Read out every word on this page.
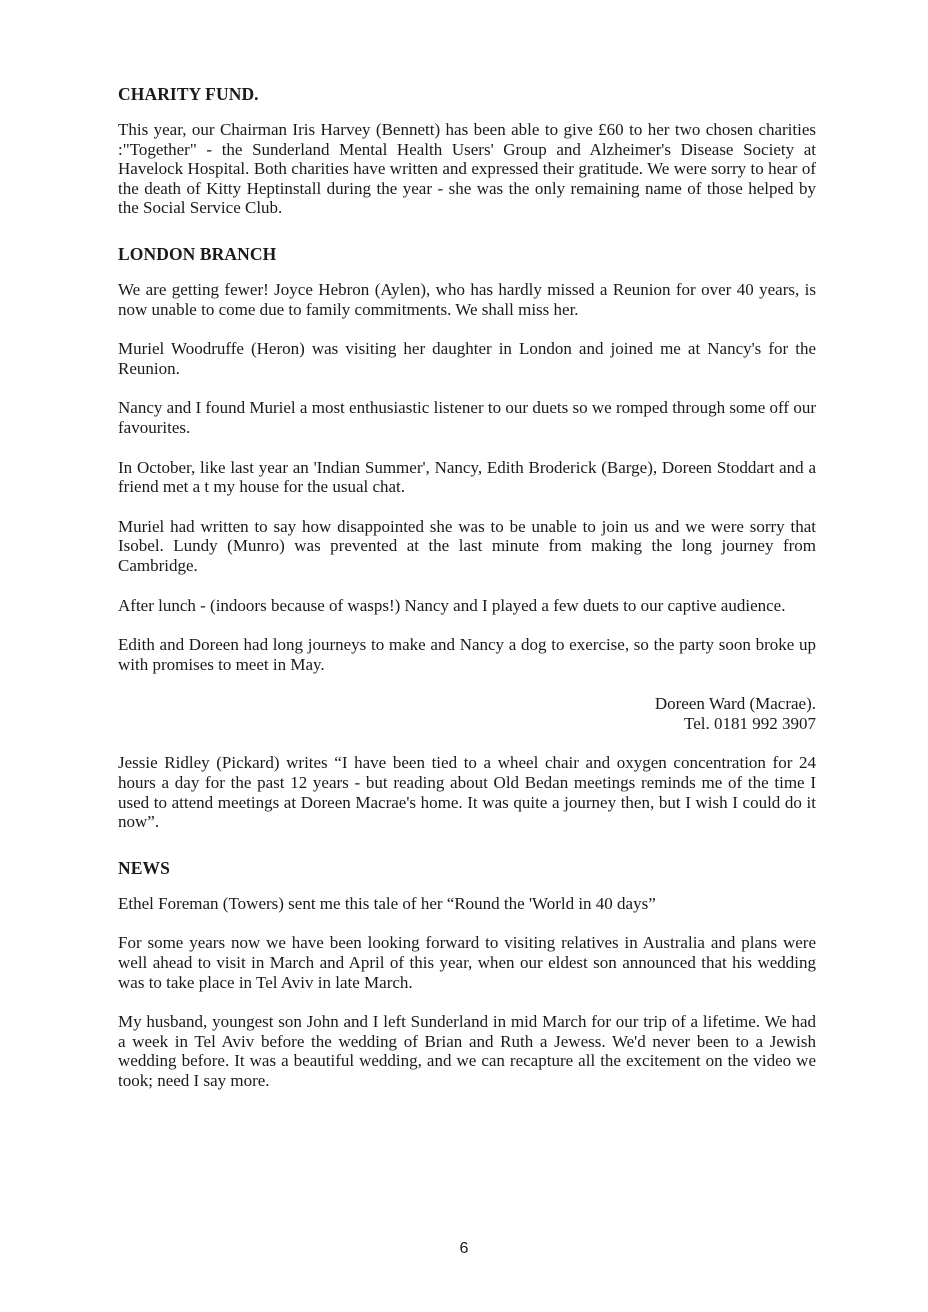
CHARITY FUND.

This year, our Chairman Iris Harvey (Bennett) has been able to give £60 to her two chosen charities :"Together" - the Sunderland Mental Health Users' Group and Alzheimer's Disease Society at Havelock Hospital. Both charities have written and expressed their gratitude. We were sorry to hear of the death of Kitty Heptinstall during the year - she was the only remaining name of those helped by the Social Service Club.

LONDON BRANCH

We are getting fewer! Joyce Hebron (Aylen), who has hardly missed a Reunion for over 40 years, is now unable to come due to family commitments. We shall miss her.

Muriel Woodruffe (Heron) was visiting her daughter in London and joined me at Nancy's for the Reunion.

Nancy and I found Muriel a most enthusiastic listener to our duets so we romped through some off our favourites.

In October, like last year an 'Indian Summer', Nancy, Edith Broderick (Barge), Doreen Stoddart and a friend met a t my house for the usual chat.

Muriel had written to say how disappointed she was to be unable to join us and we were sorry that Isobel. Lundy (Munro) was prevented at the last minute from making the long journey from Cambridge.

After lunch - (indoors because of wasps!) Nancy and I played a few duets to our captive audience.

Edith and Doreen had long journeys to make and Nancy a dog to exercise, so the party soon broke up with promises to meet in May.

Doreen Ward (Macrae).
Tel. 0181 992 3907

Jessie Ridley (Pickard) writes “I have been tied to a wheel chair and oxygen concentration for 24 hours a day for the past 12 years - but reading about Old Bedan meetings reminds me of the time I used to attend meetings at Doreen Macrae's home. It was quite a journey then, but I wish I could do it now”.

NEWS

Ethel Foreman (Towers) sent me this tale of her “Round the 'World in 40 days”

For some years now we have been looking forward to visiting relatives in Australia and plans were well ahead to visit in March and April of this year, when our eldest son announced that his wedding was to take place in Tel Aviv in late March.

My husband, youngest son John and I left Sunderland in mid March for our trip of a lifetime. We had a week in Tel Aviv before the wedding of Brian and Ruth a Jewess. We'd never been to a Jewish wedding before. It was a beautiful wedding, and we can recapture all the excitement on the video we took; need I say more.

6
